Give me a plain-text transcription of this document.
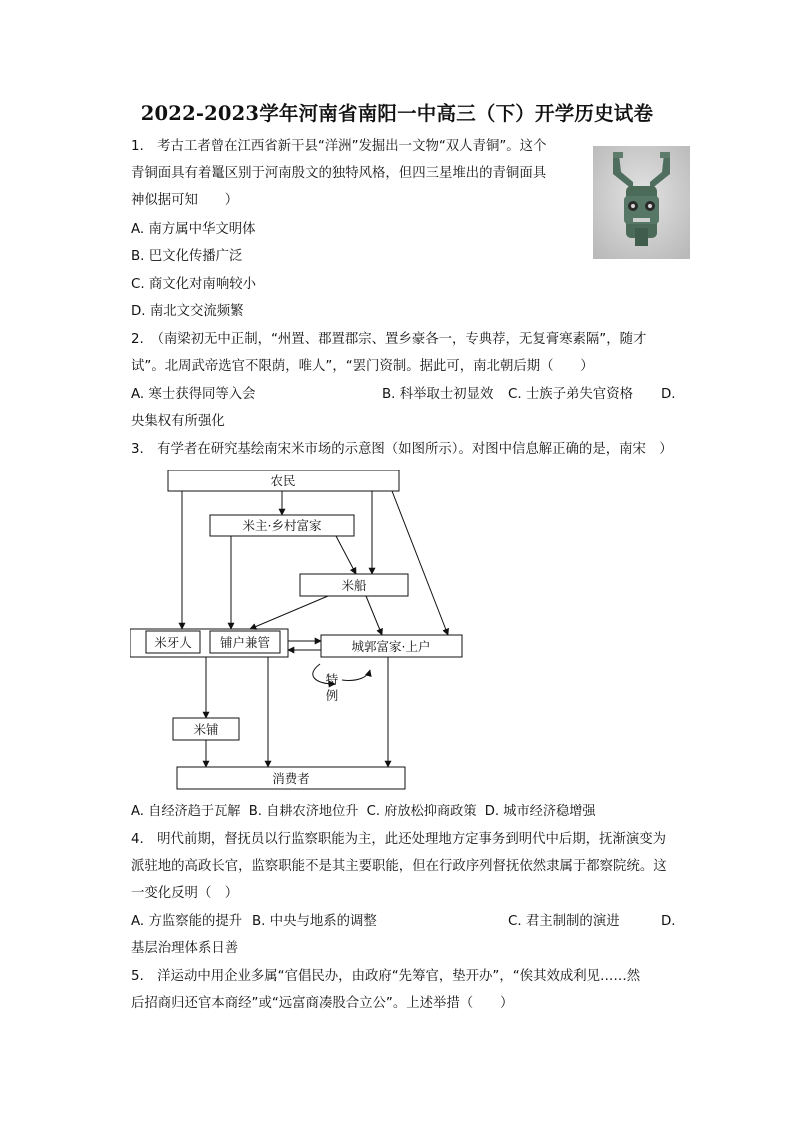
2022-2023学年河南省南阳一中高三（下）开学历史试卷
1.　考古工者曾在江西省新干县“洋洲”发掘出一文物“双人青铜”。这个
青铜面具有着鼍区别于河南殷文的独特风格，但四三星堆出的青铜面具
神似据可知　　）
A. 南方属中华文明体
B. 巴文化传播广泛
C. 商文化对南响较小
D. 南北文交流频繁
2.　（南梁初无中正制，“州置、郡置郡宗、置乡豪各一，专典荐，无复膏寒素隔”，随才
试”。北周武帝选官不限荫，唯人”，“罢门资制。据此可，南北朝后期（　　）
A. 寒士获得同等入会	B. 科举取士初显效 C. 士族子弟失官资格 D.
央集权有所强化
3.　有学者在研究基绘南宋米市场的示意图（如图所示）。对图中信息解正确的是，南宋　）
农民
米主·乡村富家
米船
米牙人 铺户兼管	城郭富家·上户
特
例
米铺
消费者
A. 自经济趋于瓦解 B. 自耕农济地位升 C. 府放松抑商政策 D. 城市经济稳增强
4.　明代前期，督抚员以行监察职能为主，此还处理地方定事务到明代中后期，抚渐演变为
派驻地的高政长官，监察职能不是其主要职能，但在行政序列督抚依然隶属于都察院统。这
一变化反明（　）
A. 方监察能的提升 B. 中央与地系的调整	C. 君主制制的演进	D.
基层治理体系日善
5.　洋运动中用企业多属“官倡民办，由政府“先筹官，垫开办”，“俟其效成利见……然
后招商归还官本商经”或“远富商凑股合立公”。上述举措（　　）
